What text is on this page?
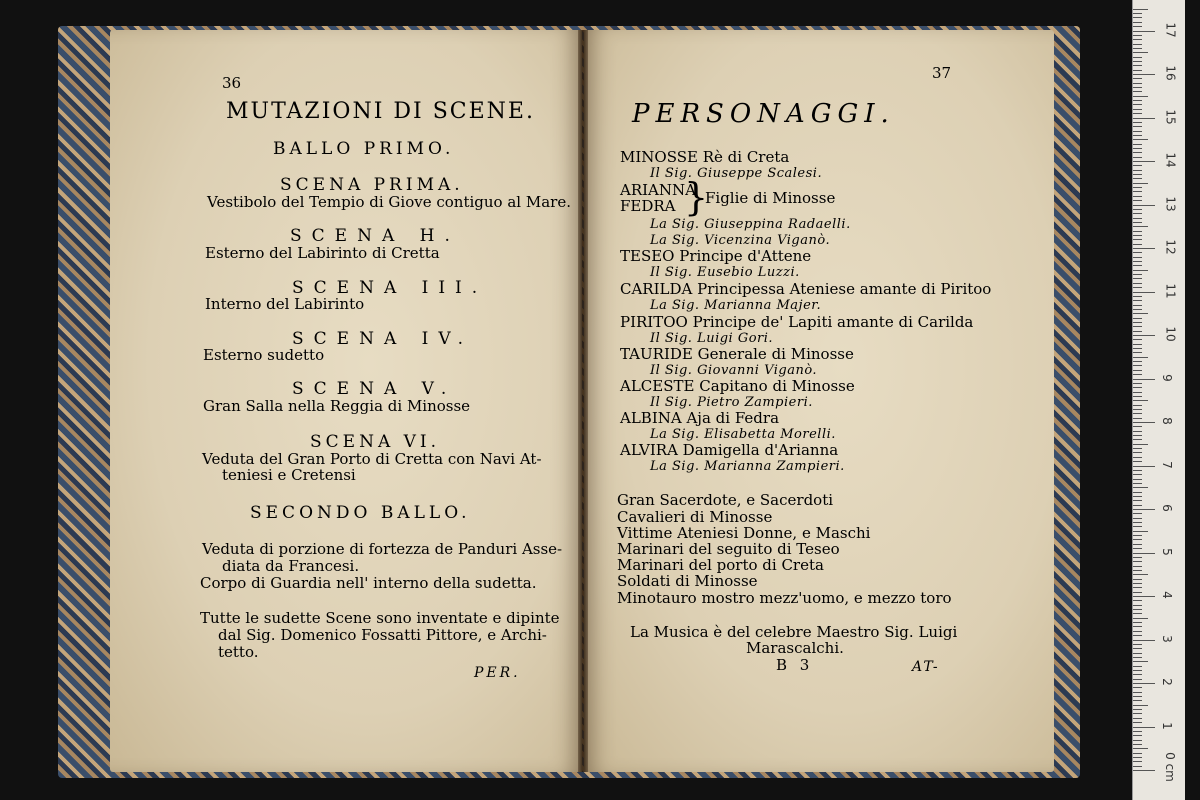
36
MUTAZIONI DI SCENE.
BALLO PRIMO.
SCENA PRIMA.
Vestibolo del Tempio di Giove contiguo al Mare.
SCENA H.
Esterno del Labirinto di Cretta
SCENA III.
Interno del Labirinto
SCENA IV.
Esterno sudetto
SCENA V.
Gran Salla nella Reggia di Minosse
SCENA VI.
Veduta del Gran Porto di Cretta con Navi At-
teniesi e Cretensi
SECONDO BALLO.
Veduta di porzione di fortezza de Panduri Asse-
diata da Francesi.
Corpo di Guardia nell' interno della sudetta.
Tutte le sudette Scene sono inventate e dipinte
dal Sig. Domenico Fossatti Pittore, e Archi-
tetto.
PER.
37
PERSONAGGI.
MINOSSE Rè di Creta
Il Sig. Giuseppe Scalesi.
ARIANNA
FEDRA }
Figlie di Minosse
La Sig. Giuseppina Radaelli.
La Sig. Vicenzina Viganò.
TESEO Principe d'Attene
Il Sig. Eusebio Luzzi.
CARILDA Principessa Ateniese amante di Piritoo
La Sig. Marianna Majer.
PIRITOO Principe de' Lapiti amante di Carilda
Il Sig. Luigi Gori.
TAURIDE Generale di Minosse
Il Sig. Giovanni Viganò.
ALCESTE Capitano di Minosse
Il Sig. Pietro Zampieri.
ALBINA Aja di Fedra
La Sig. Elisabetta Morelli.
ALVIRA Damigella d'Arianna
La Sig. Marianna Zampieri.
Gran Sacerdote, e Sacerdoti
Cavalieri di Minosse
Vittime Ateniesi Donne, e Maschi
Marinari del seguito di Teseo
Marinari del porto di Creta
Soldati di Minosse
Minotauro mostro mezz'uomo, e mezzo toro
La Musica è del celebre Maestro Sig. Luigi
Marascalchi.
B 3	AT-
0 cm
1
2
3
4
5
6
7
8
9
10
11
12
13
14
15
16
17
